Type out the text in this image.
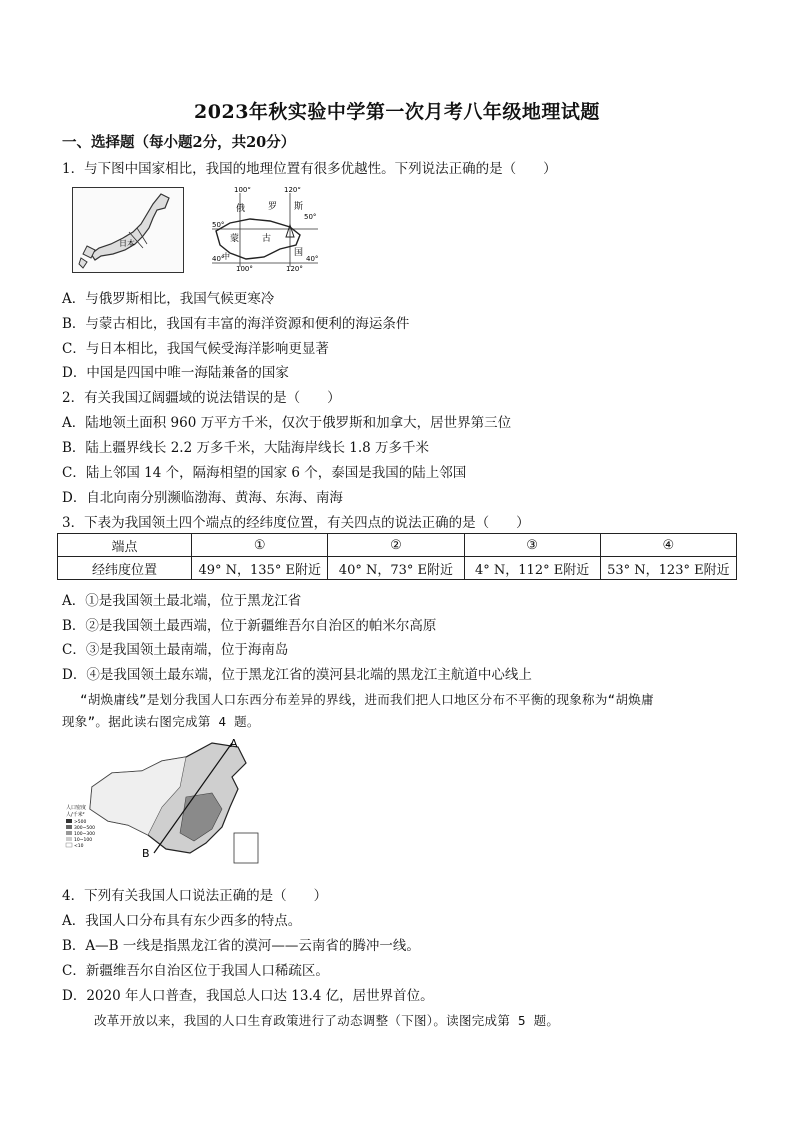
2023年秋实验中学第一次月考八年级地理试题
一、选择题（每小题2分，共20分）
1．与下图中国家相比，我国的地理位置有很多优越性。下列说法正确的是（　　）
日本
100°	120°
俄	罗 斯
50°
50°
蒙	古
国
40°
100°	120°
40°
中
A．与俄罗斯相比，我国气候更寒冷
B．与蒙古相比，我国有丰富的海洋资源和便利的海运条件
C．与日本相比，我国气候受海洋影响更显著
D．中国是四国中唯一海陆兼备的国家
2．有关我国辽阔疆域的说法错误的是（　　）
A．陆地领土面积 960 万平方千米，仅次于俄罗斯和加拿大，居世界第三位
B．陆上疆界线长 2.2 万多千米，大陆海岸线长 1.8 万多千米
C．陆上邻国 14 个，隔海相望的国家 6 个，泰国是我国的陆上邻国
D．自北向南分别濒临渤海、黄海、东海、南海
3．下表为我国领土四个端点的经纬度位置，有关四点的说法正确的是（　　）
端点	①	②	③	④
经纬度位置	49° N，135° E附近	40° N，73° E附近	4° N，112° E附近	53° N，123° E附近
A．①是我国领土最北端，位于黑龙江省
B．②是我国领土最西端，位于新疆维吾尔自治区的帕米尔高原
C．③是我国领土最南端，位于海南岛
D．④是我国领土最东端，位于黑龙江省的漠河县北端的黑龙江主航道中心线上
“胡焕庸线”是划分我国人口东西分布差异的界线，进而我们把人口地区分布不平衡的现象称为“胡焕庸
现象”。据此读右图完成第 4 题。
A
B
人口密度
人/千米²
>500
300~500
100~300
10~100
<10
4．下列有关我国人口说法正确的是（　　）
A．我国人口分布具有东少西多的特点。
B．A—B 一线是指黑龙江省的漠河——云南省的腾冲一线。
C．新疆维吾尔自治区位于我国人口稀疏区。
D．2020 年人口普查，我国总人口达 13.4 亿，居世界首位。
改革开放以来，我国的人口生育政策进行了动态调整（下图）。读图完成第 5 题。
